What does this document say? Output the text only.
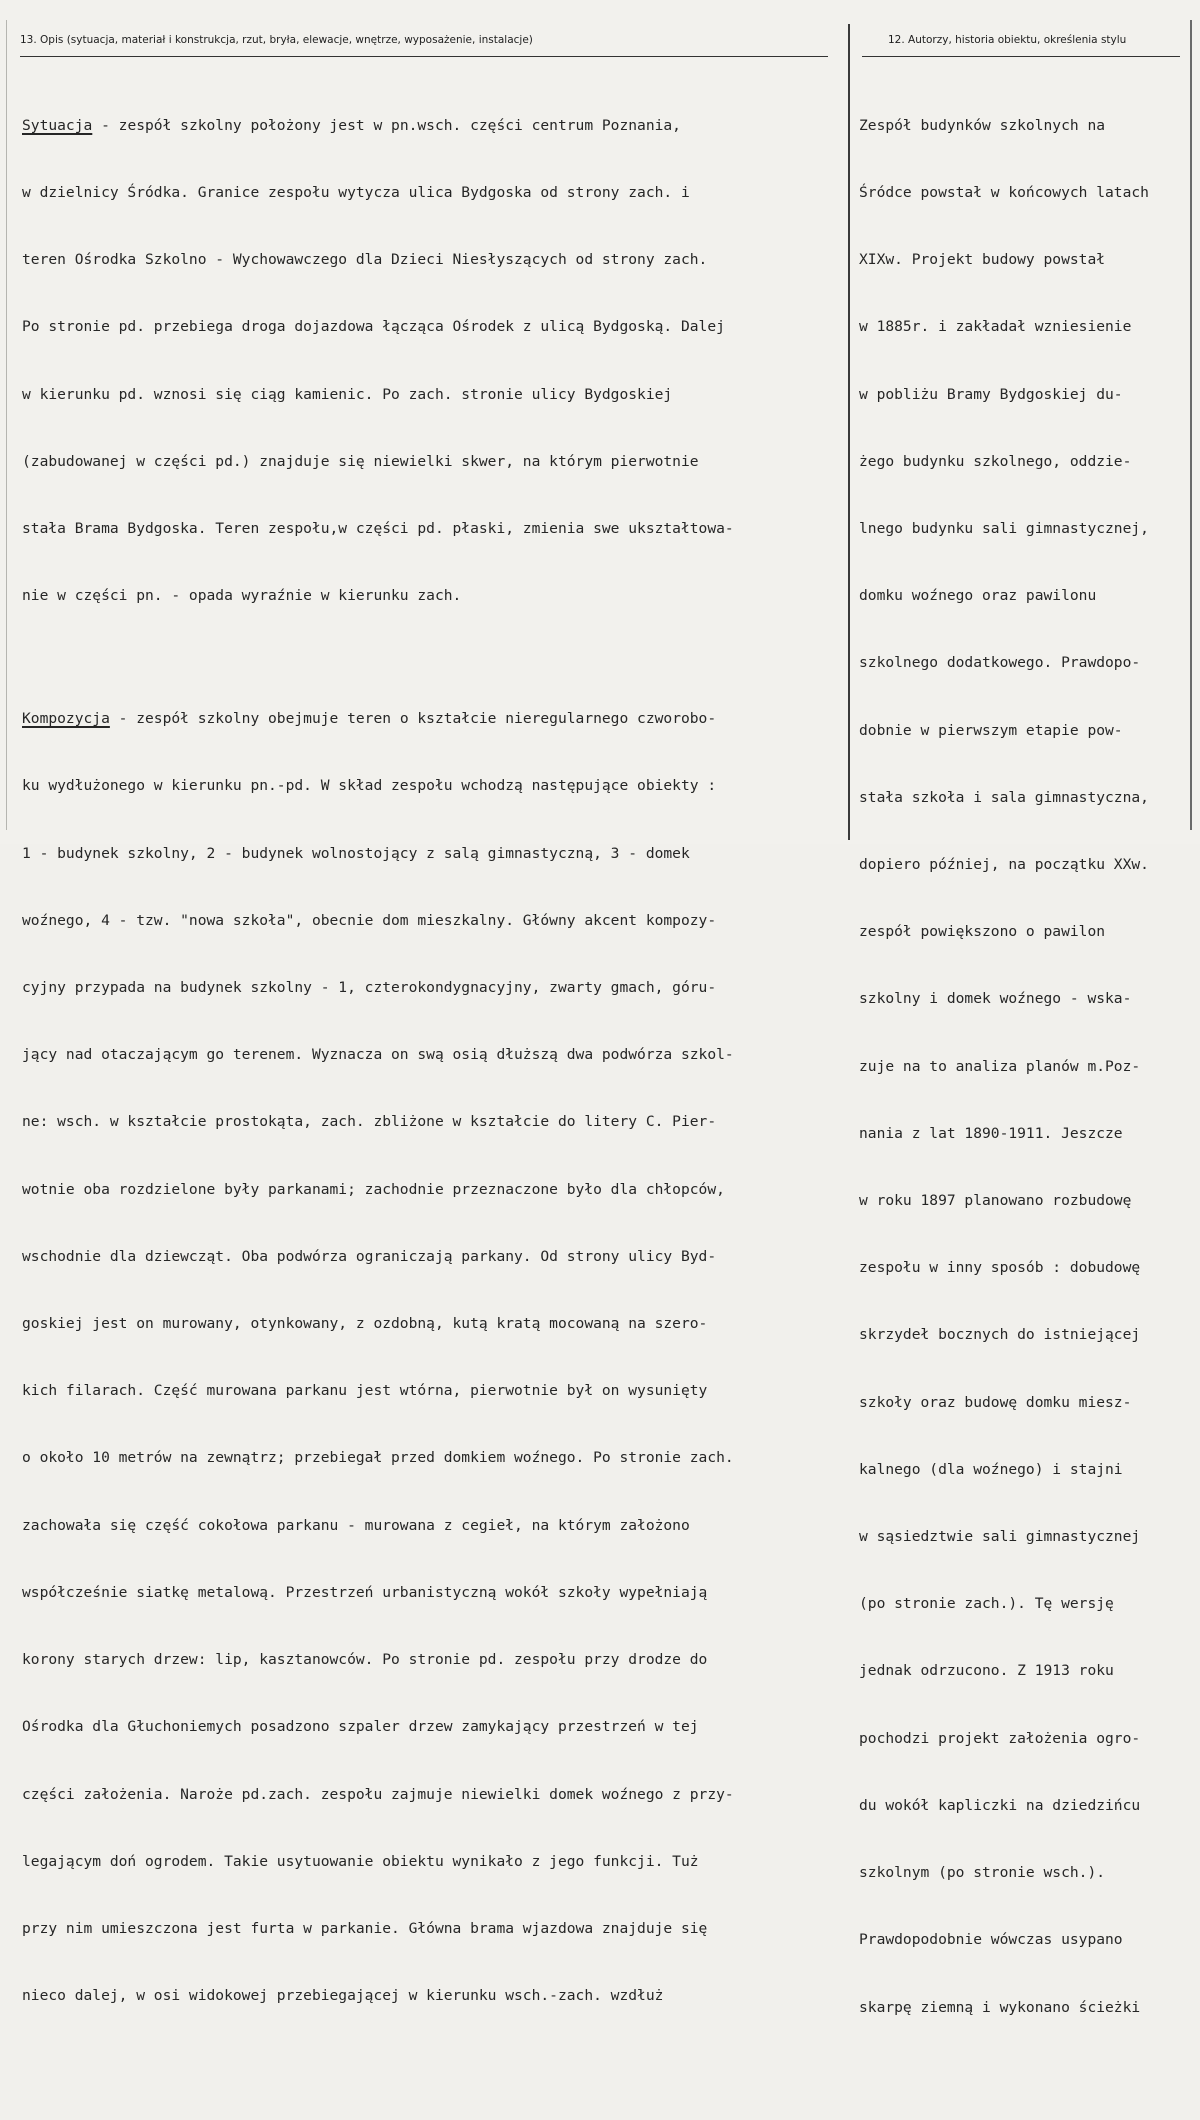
13. Opis (sytuacja, materiał i konstrukcja, rzut, bryła, elewacje, wnętrze, wyposażenie, instalacje)	12. Autorzy, historia obiektu, określenia stylu

Sytuacja - zespół szkolny położony jest w pn.wsch. części centrum Poznania,

w dzielnicy Śródka. Granice zespołu wytycza ulica Bydgoska od strony zach. i

teren Ośrodka Szkolno - Wychowawczego dla Dzieci Niesłyszących od strony zach.

Po stronie pd. przebiega droga dojazdowa łącząca Ośrodek z ulicą Bydgoską. Dalej

w kierunku pd. wznosi się ciąg kamienic. Po zach. stronie ulicy Bydgoskiej

(zabudowanej w części pd.) znajduje się niewielki skwer, na którym pierwotnie

stała Brama Bydgoska. Teren zespołu,w części pd. płaski, zmienia swe ukształtowa-

nie w części pn. - opada wyraźnie w kierunku zach.

Kompozycja - zespół szkolny obejmuje teren o kształcie nieregularnego czworobo-

ku wydłużonego w kierunku pn.-pd. W skład zespołu wchodzą następujące obiekty :

1 - budynek szkolny, 2 - budynek wolnostojący z salą gimnastyczną, 3 - domek

woźnego, 4 - tzw. "nowa szkoła", obecnie dom mieszkalny. Główny akcent kompozy-

cyjny przypada na budynek szkolny - 1, czterokondygnacyjny, zwarty gmach, góru-

jący nad otaczającym go terenem. Wyznacza on swą osią dłuższą dwa podwórza szkol-

ne: wsch. w kształcie prostokąta, zach. zbliżone w kształcie do litery C. Pier-

wotnie oba rozdzielone były parkanami; zachodnie przeznaczone było dla chłopców,

wschodnie dla dziewcząt. Oba podwórza ograniczają parkany. Od strony ulicy Byd-

goskiej jest on murowany, otynkowany, z ozdobną, kutą kratą mocowaną na szero-

kich filarach. Część murowana parkanu jest wtórna, pierwotnie był on wysunięty

o około 10 metrów na zewnątrz; przebiegał przed domkiem woźnego. Po stronie zach.

zachowała się część cokołowa parkanu - murowana z cegieł, na którym założono

współcześnie siatkę metalową. Przestrzeń urbanistyczną wokół szkoły wypełniają

korony starych drzew: lip, kasztanowców. Po stronie pd. zespołu przy drodze do

Ośrodka dla Głuchoniemych posadzono szpaler drzew zamykający przestrzeń w tej

części założenia. Naroże pd.zach. zespołu zajmuje niewielki domek woźnego z przy-

legającym doń ogrodem. Takie usytuowanie obiektu wynikało z jego funkcji. Tuż

przy nim umieszczona jest furta w parkanie. Główna brama wjazdowa znajduje się

nieco dalej, w osi widokowej przebiegającej w kierunku wsch.-zach. wzdłuż

Zespół budynków szkolnych na

Śródce powstał w końcowych latach

XIXw. Projekt budowy powstał

w 1885r. i zakładał wzniesienie

w pobliżu Bramy Bydgoskiej du-

żego budynku szkolnego, oddzie-

lnego budynku sali gimnastycznej,

domku woźnego oraz pawilonu

szkolnego dodatkowego. Prawdopo-

dobnie w pierwszym etapie pow-

stała szkoła i sala gimnastyczna,

dopiero później, na początku XXw.

zespół powiększono o pawilon

szkolny i domek woźnego - wska-

zuje na to analiza planów m.Poz-

nania z lat 1890-1911. Jeszcze

w roku 1897 planowano rozbudowę

zespołu w inny sposób : dobudowę

skrzydeł bocznych do istniejącej

szkoły oraz budowę domku miesz-

kalnego (dla woźnego) i stajni

w sąsiedztwie sali gimnastycznej

(po stronie zach.). Tę wersję

jednak odrzucono. Z 1913 roku

pochodzi projekt założenia ogro-

du wokół kapliczki na dziedzińcu

szkolnym (po stronie wsch.).

Prawdopodobnie wówczas usypano

skarpę ziemną i wykonano ścieżki
